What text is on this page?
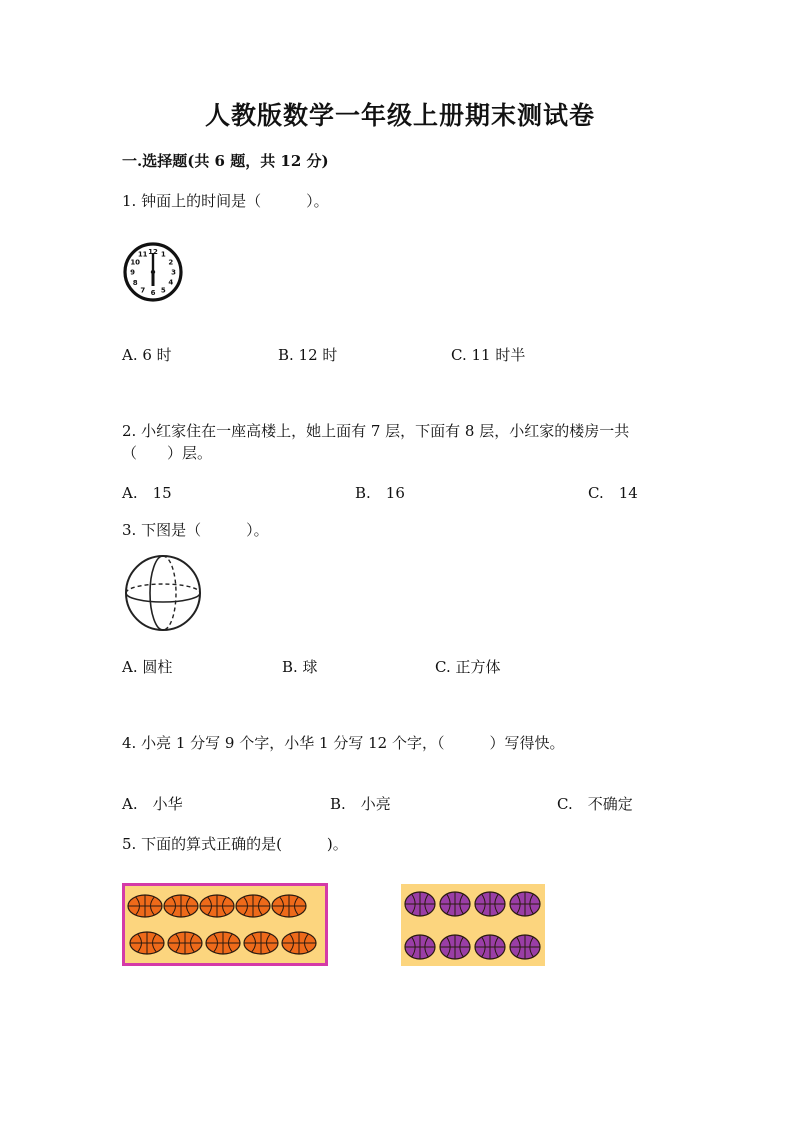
人教版数学一年级上册期末测试卷
一.选择题(共 6 题，共 12 分)
1. 钟面上的时间是（　　　）。
12 1
2
3
4
5
6
7
8
9
10
11
A. 6 时	B. 12 时	C. 11 时半
2. 小红家住在一座高楼上，她上面有 7 层，下面有 8 层，小红家的楼房一共
（　　）层。
A.　15	B.　16	C.　14
3. 下图是（　　　）。
A. 圆柱	B. 球	C. 正方体
4. 小亮 1 分写 9 个字，小华 1 分写 12 个字，（　　　）写得快。
A.　小华	B.　小亮	C.　不确定
5. 下面的算式正确的是(　　　)。
